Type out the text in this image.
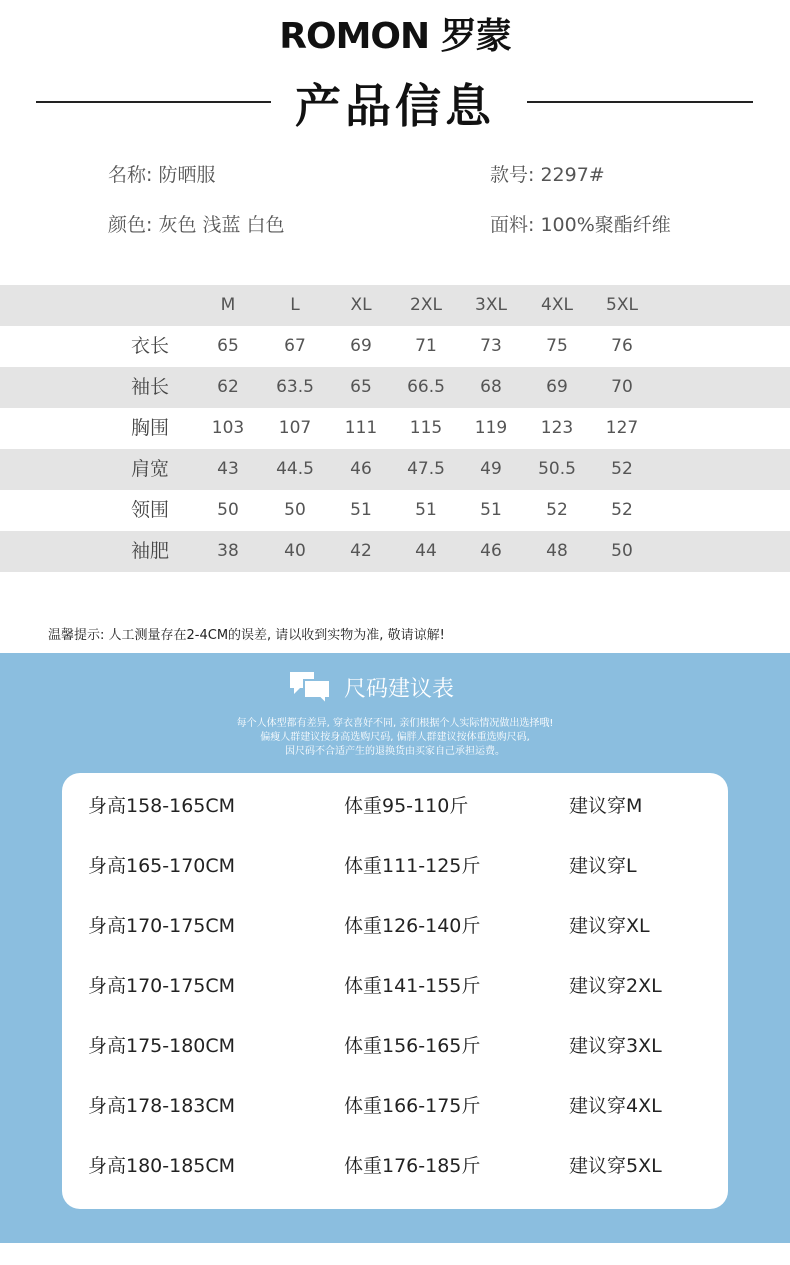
ROMON 罗蒙
产品信息
名称: 防晒服	款号: 2297#
颜色: 灰色 浅蓝 白色	面料: 100%聚酯纤维
M	L	XL	2XL	3XL	4XL	5XL
衣长	65	67	69	71	73	75	76
袖长	62	63.5	65	66.5	68	69	70
胸围	103	107	111	115	119	123	127
肩宽	43	44.5	46	47.5	49	50.5	52
领围	50	50	51	51	51	52	52
袖肥	38	40	42	44	46	48	50
温馨提示: 人工测量存在2-4CM的误差, 请以收到实物为准, 敬请谅解!
尺码建议表
每个人体型都有差异, 穿衣喜好不同, 亲们根据个人实际情况做出选择哦!
偏瘦人群建议按身高选购尺码, 偏胖人群建议按体重选购尺码,
因尺码不合适产生的退换货由买家自己承担运费。
身高158-165CM	体重95-110斤	建议穿M
身高165-170CM	体重111-125斤	建议穿L
身高170-175CM	体重126-140斤	建议穿XL
身高170-175CM	体重141-155斤	建议穿2XL
身高175-180CM	体重156-165斤	建议穿3XL
身高178-183CM	体重166-175斤	建议穿4XL
身高180-185CM	体重176-185斤	建议穿5XL
